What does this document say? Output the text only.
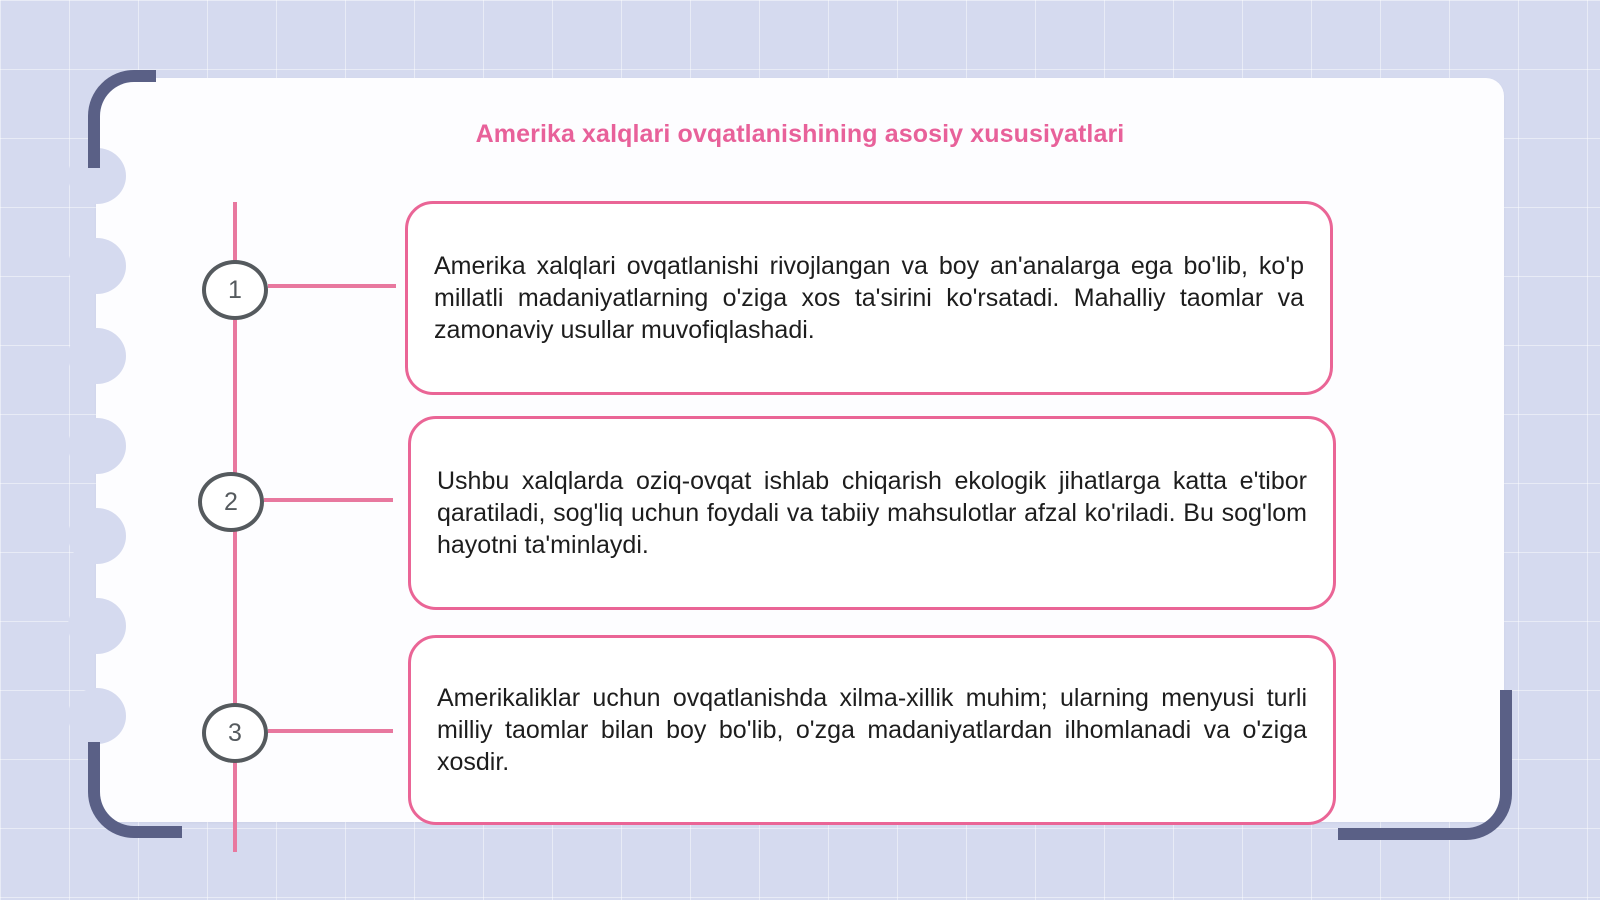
Amerika xalqlari ovqatlanishining asosiy xususiyatlari
1
2
3

Amerika xalqlari ovqatlanishi rivojlangan va boy an'analarga ega bo'lib, ko'p millatli madaniyatlarning o'ziga xos ta'sirini ko'rsatadi. Mahalliy taomlar va zamonaviy usullar muvofiqlashadi.

Ushbu xalqlarda oziq-ovqat ishlab chiqarish ekologik jihatlarga katta e'tibor qaratiladi, sog'liq uchun foydali va tabiiy mahsulotlar afzal ko'riladi. Bu sog'lom hayotni ta'minlaydi.

Amerikaliklar uchun ovqatlanishda xilma-xillik muhim; ularning menyusi turli milliy taomlar bilan boy bo'lib, o'zga madaniyatlardan ilhomlanadi va o'ziga xosdir.
